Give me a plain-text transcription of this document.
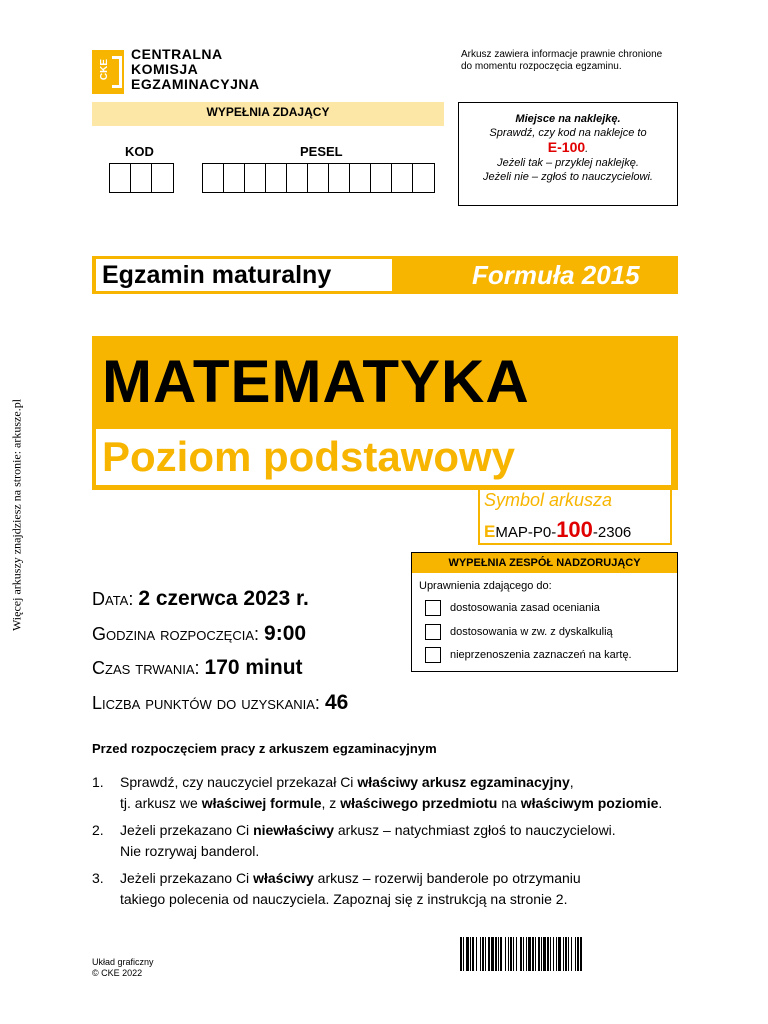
CKE
CENTRALNA
KOMISJA
EGZAMINACYJNA
Arkusz zawiera informacje prawnie chronione
do momentu rozpoczęcia egzaminu.
WYPEŁNIA ZDAJĄCY
KOD	PESEL
Miejsce na naklejkę.
Sprawdź, czy kod na naklejce to
E-100.
Jeżeli tak – przyklej naklejkę.
Jeżeli nie – zgłoś to nauczycielowi.
Egzamin maturalny	Formuła 2015
MATEMATYKA
Poziom podstawowy
Symbol arkusza
EMAP-P0-100-2306
WYPEŁNIA ZESPÓŁ NADZORUJĄCY
Uprawnienia zdającego do:
dostosowania zasad oceniania
dostosowania w zw. z dyskalkulią
nieprzenoszenia zaznaczeń na kartę.
Data: 2 czerwca 2023 r.
Godzina rozpoczęcia: 9:00
Czas trwania: 170 minut
Liczba punktów do uzyskania: 46
Przed rozpoczęciem pracy z arkuszem egzaminacyjnym
1. Sprawdź, czy nauczyciel przekazał Ci właściwy arkusz egzaminacyjny,
tj. arkusz we właściwej formule, z właściwego przedmiotu na właściwym poziomie.
2. Jeżeli przekazano Ci niewłaściwy arkusz – natychmiast zgłoś to nauczycielowi.
Nie rozrywaj banderol.
3. Jeżeli przekazano Ci właściwy arkusz – rozerwij banderole po otrzymaniu
takiego polecenia od nauczyciela. Zapoznaj się z instrukcją na stronie 2.
Więcej arkuszy znajdziesz na stronie: arkusze.pl
Układ graficzny
© CKE 2022
